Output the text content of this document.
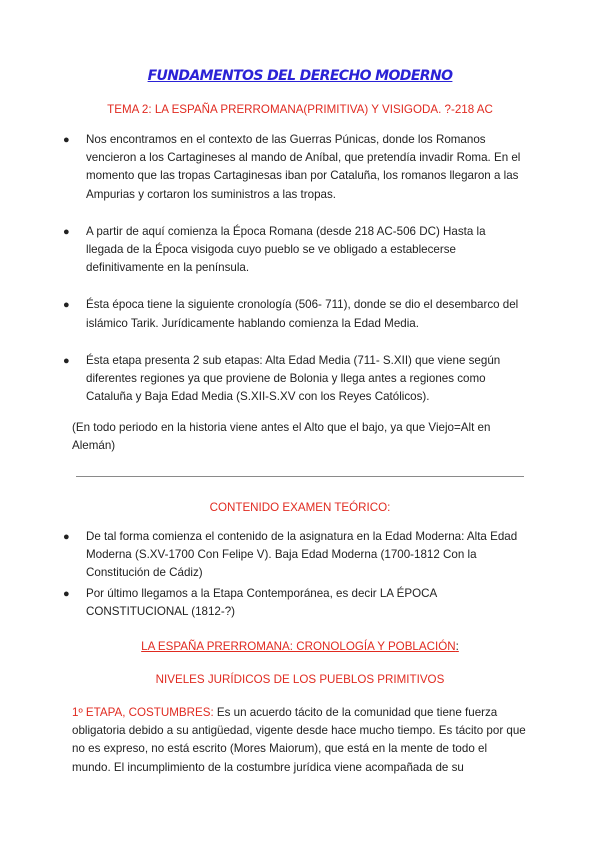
FUNDAMENTOS DEL DERECHO MODERNO
TEMA 2: LA ESPAÑA PRERROMANA(PRIMITIVA) Y VISIGODA. ?-218 AC
● Nos encontramos en el contexto de las Guerras Púnicas, donde los Romanos vencieron a los Cartagineses al mando de Aníbal, que pretendía invadir Roma. En el momento que las tropas Cartaginesas iban por Cataluña, los romanos llegaron a las Ampurias y cortaron los suministros a las tropas.
● A partir de aquí comienza la Época Romana (desde 218 AC-506 DC) Hasta la llegada de la Época visigoda cuyo pueblo se ve obligado a establecerse definitivamente en la península.
● Ésta época tiene la siguiente cronología (506- 711), donde se dio el desembarco del islámico Tarik. Jurídicamente hablando comienza la Edad Media.
● Ésta etapa presenta 2 sub etapas: Alta Edad Media (711- S.XII) que viene según diferentes regiones ya que proviene de Bolonia y llega antes a regiones como Cataluña y Baja Edad Media (S.XII-S.XV con los Reyes Católicos).
(En todo periodo en la historia viene antes el Alto que el bajo, ya que Viejo=Alt en Alemán)
CONTENIDO EXAMEN TEÓRICO:
● De tal forma comienza el contenido de la asignatura en la Edad Moderna: Alta Edad Moderna (S.XV-1700 Con Felipe V). Baja Edad Moderna (1700-1812 Con la Constitución de Cádiz)
● Por último llegamos a la Etapa Contemporánea, es decir LA ÉPOCA CONSTITUCIONAL (1812-?)
LA ESPAÑA PRERROMANA: CRONOLOGÍA Y POBLACIÓN:
NIVELES JURÍDICOS DE LOS PUEBLOS PRIMITIVOS
1º ETAPA, COSTUMBRES: Es un acuerdo tácito de la comunidad que tiene fuerza obligatoria debido a su antigüedad, vigente desde hace mucho tiempo. Es tácito por que no es expreso, no está escrito (Mores Maiorum), que está en la mente de todo el mundo. El incumplimiento de la costumbre jurídica viene acompañada de su
